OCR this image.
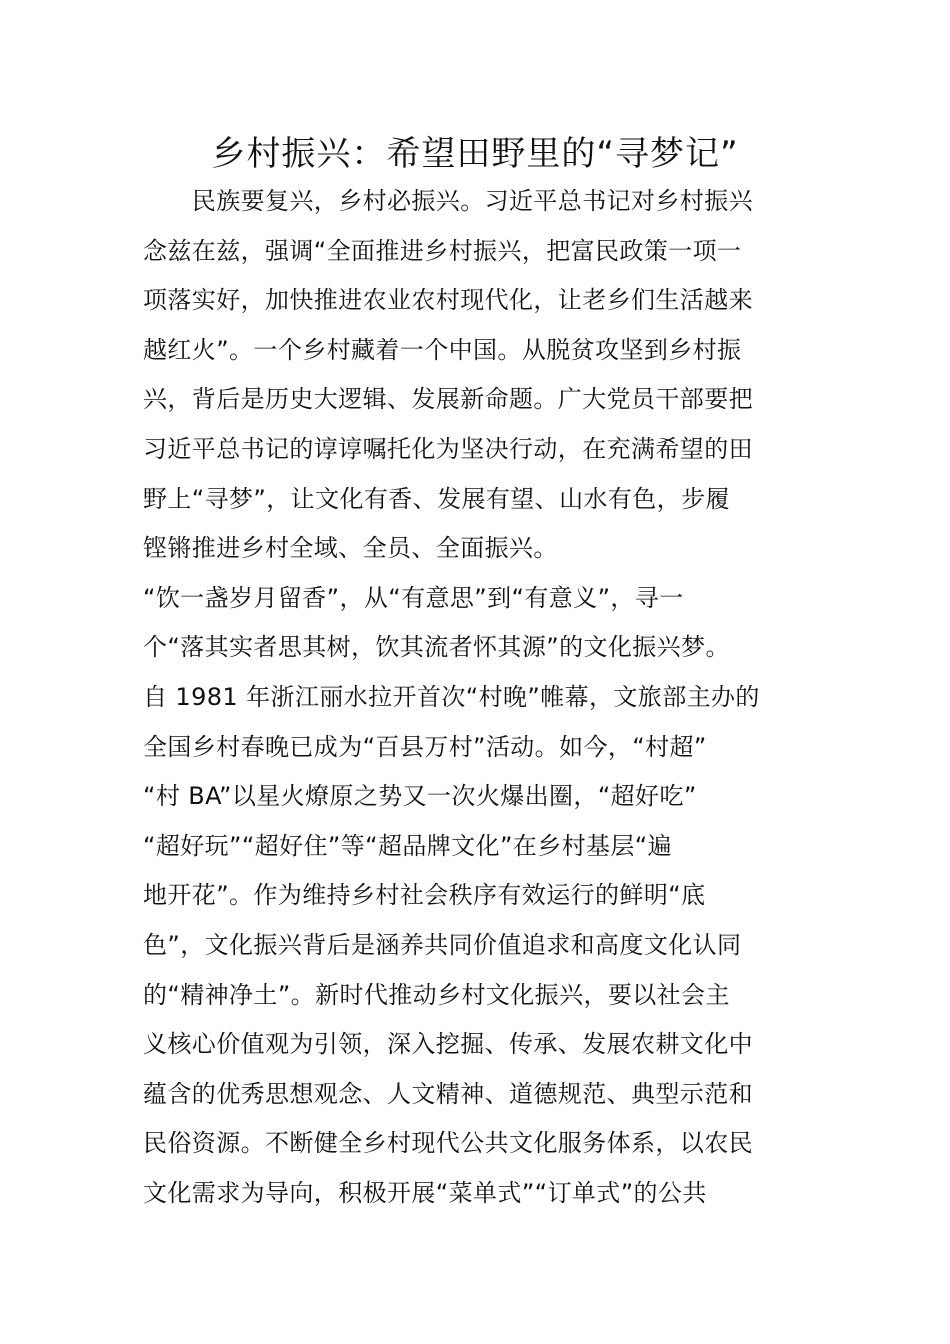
乡村振兴：希望田野里的“寻梦记”
　　民族要复兴，乡村必振兴。习近平总书记对乡村振兴
念兹在兹，强调“全面推进乡村振兴，把富民政策一项一
项落实好，加快推进农业农村现代化，让老乡们生活越来
越红火”。一个乡村藏着一个中国。从脱贫攻坚到乡村振
兴，背后是历史大逻辑、发展新命题。广大党员干部要把
习近平总书记的谆谆嘱托化为坚决行动，在充满希望的田
野上“寻梦”，让文化有香、发展有望、山水有色，步履
铿锵推进乡村全域、全员、全面振兴。
“饮一盏岁月留香”，从“有意思”到“有意义”，寻一
个“落其实者思其树，饮其流者怀其源”的文化振兴梦。
自 1981 年浙江丽水拉开首次“村晚”帷幕，文旅部主办的
全国乡村春晚已成为“百县万村”活动。如今，“村超”
“村 BA”以星火燎原之势又一次火爆出圈，“超好吃”
“超好玩”“超好住”等“超品牌文化”在乡村基层“遍
地开花”。作为维持乡村社会秩序有效运行的鲜明“底
色”，文化振兴背后是涵养共同价值追求和高度文化认同
的“精神净土”。新时代推动乡村文化振兴，要以社会主
义核心价值观为引领，深入挖掘、传承、发展农耕文化中
蕴含的优秀思想观念、人文精神、道德规范、典型示范和
民俗资源。不断健全乡村现代公共文化服务体系，以农民
文化需求为导向，积极开展“菜单式”“订单式”的公共
